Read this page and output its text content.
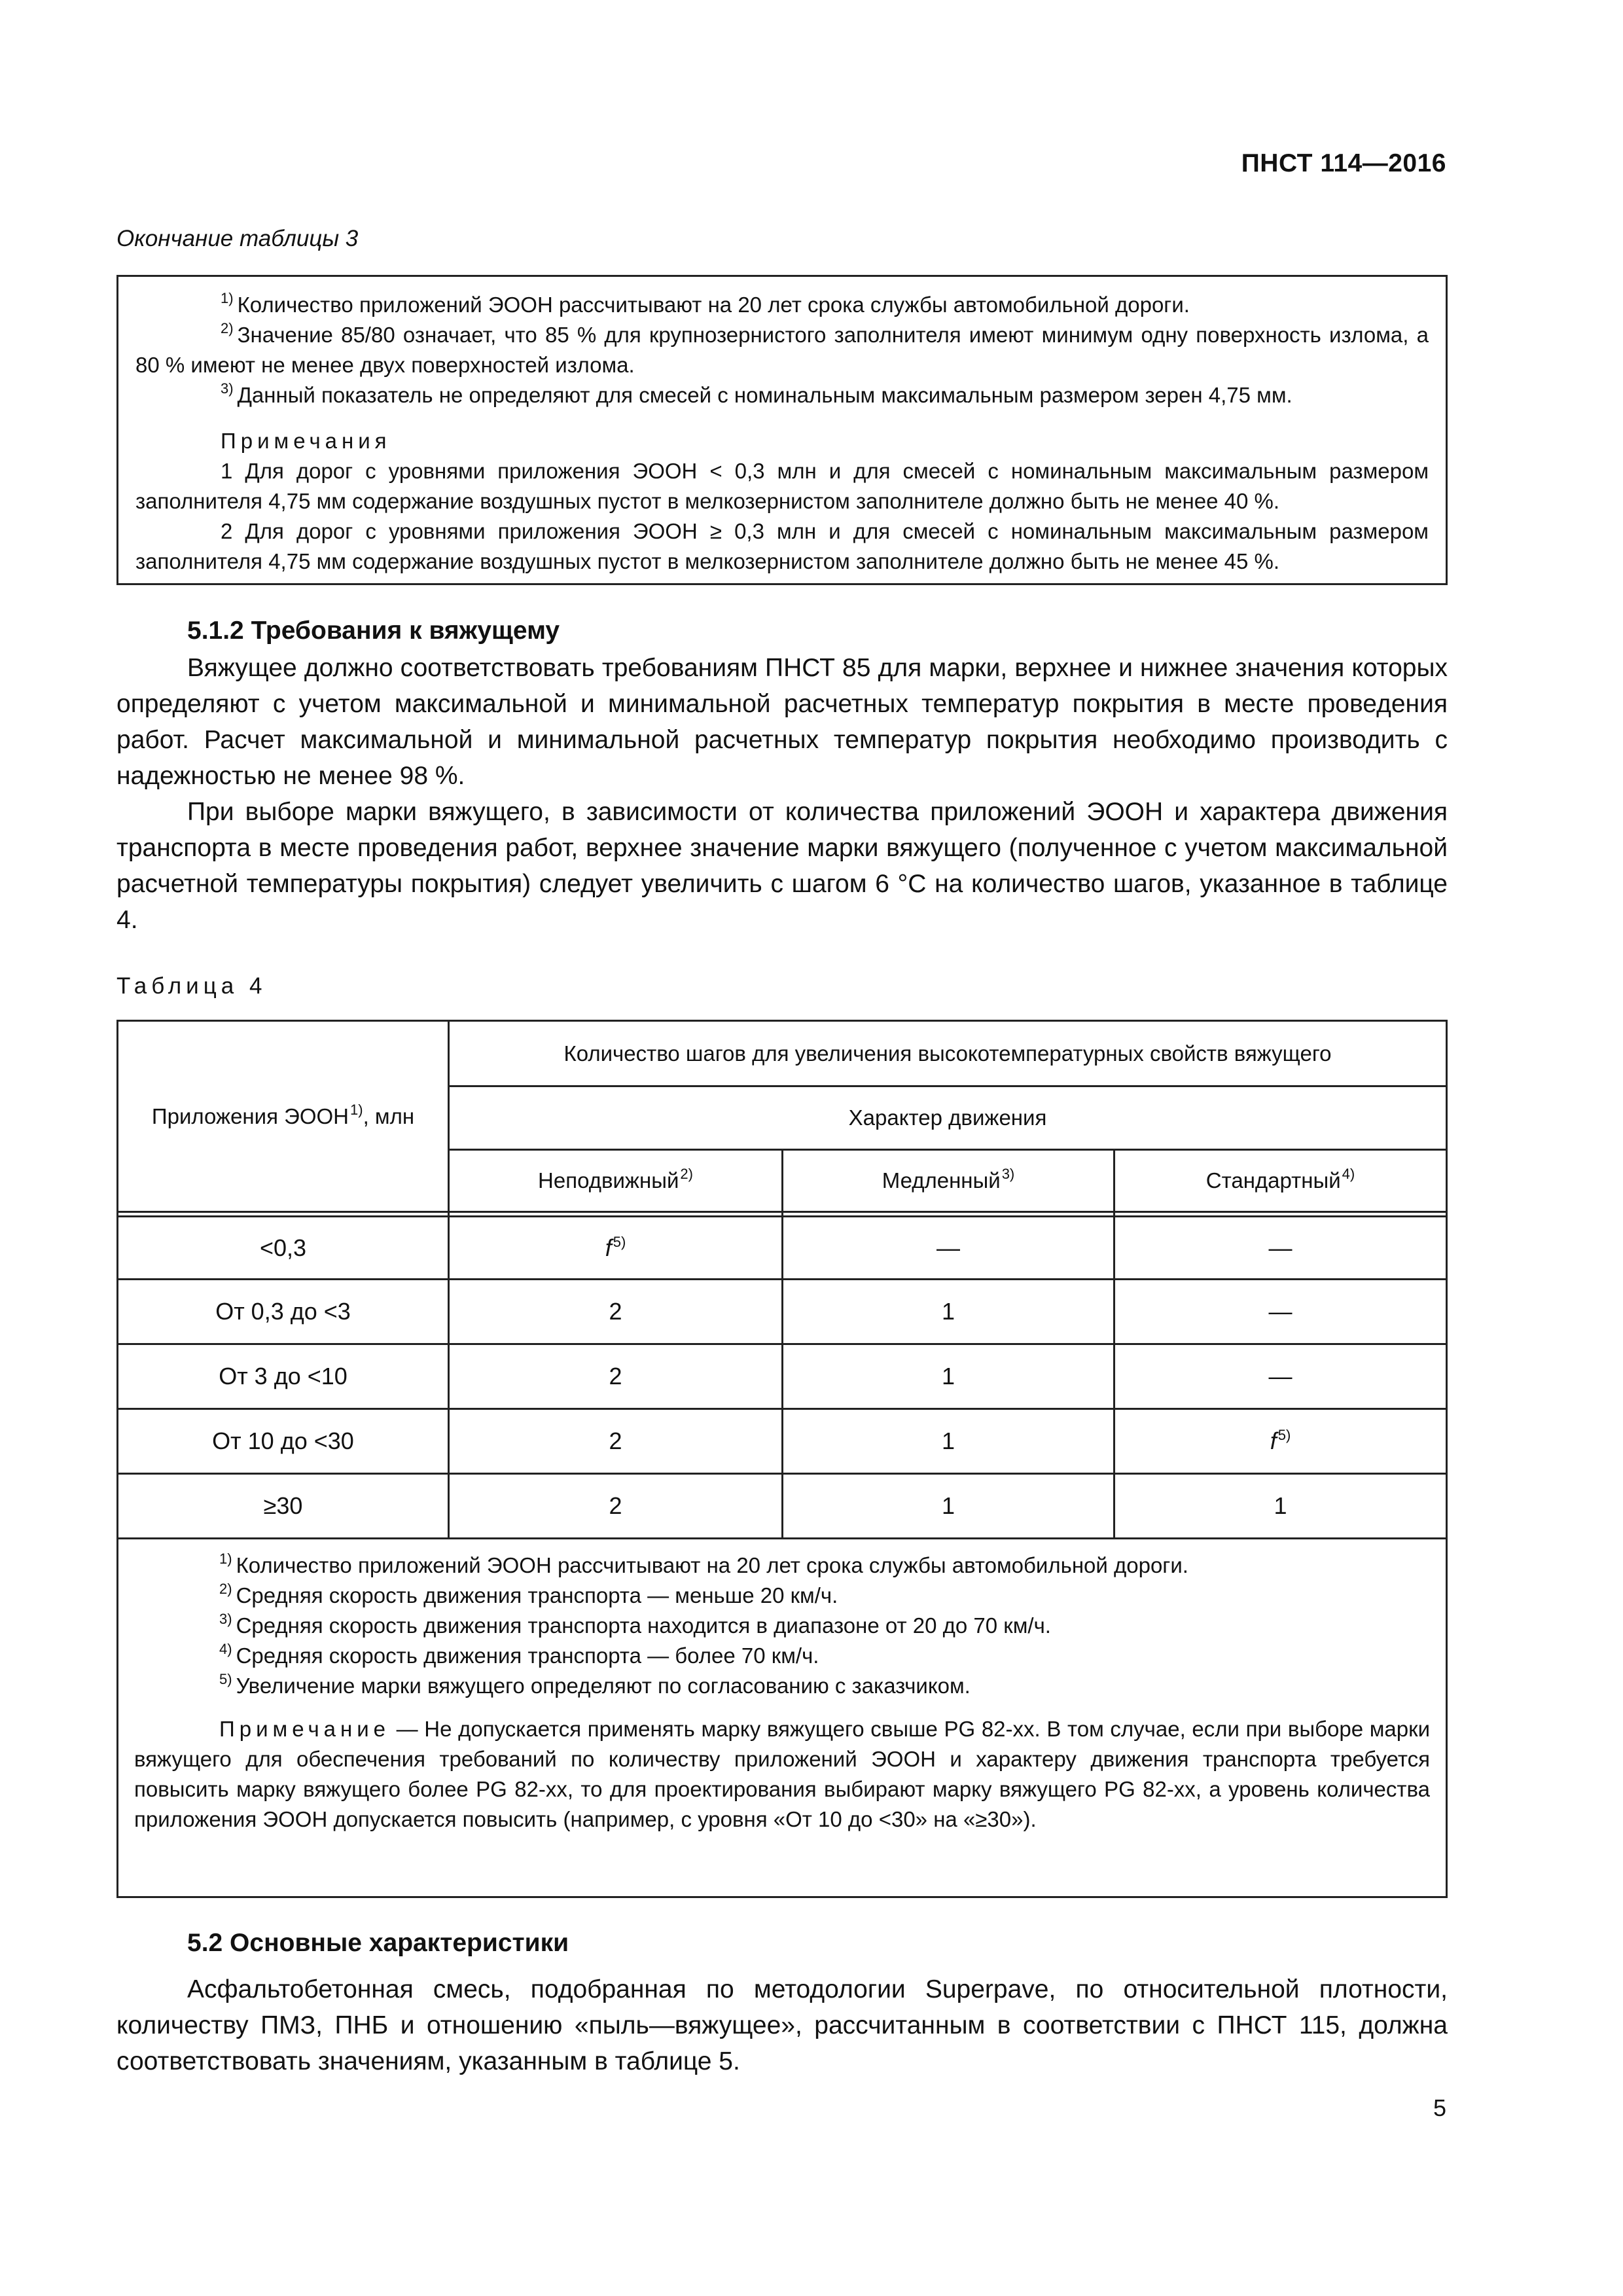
ПНСТ 114—2016
Окончание таблицы 3

$^{1)}$ Количество приложений ЭООН рассчитывают на 20 лет срока службы автомобильной дороги.

$^{2)}$ Значение 85/80 означает, что 85 % для крупнозернистого заполнителя имеют минимум одну поверхность излома, а 80 % имеют не менее двух поверхностей излома.

$^{3)}$ Данный показатель не определяют для смесей с номинальным максимальным размером зерен 4,75 мм.

Примечания

1 Для дорог с уровнями приложения ЭООН < 0,3 млн и для смесей с номинальным максимальным размером заполнителя 4,75 мм содержание воздушных пустот в мелкозернистом заполнителе должно быть не менее 40 %.

2 Для дорог с уровнями приложения ЭООН ≥ 0,3 млн и для смесей с номинальным максимальным размером заполнителя 4,75 мм содержание воздушных пустот в мелкозернистом заполнителе должно быть не менее 45 %.

5.1.2 Требования к вяжущему

Вяжущее должно соответствовать требованиям ПНСТ 85 для марки, верхнее и нижнее значения которых определяют с учетом максимальной и минимальной расчетных температур покрытия в месте проведения работ. Расчет максимальной и минимальной расчетных температур покрытия необходимо производить с надежностью не менее 98 %.

При выборе марки вяжущего, в зависимости от количества приложений ЭООН и характера движения транспорта в месте проведения работ, верхнее значение марки вяжущего (полученное с учетом максимальной расчетной температуры покрытия) следует увеличить с шагом 6 °С на количество шагов, указанное в таблице 4.

Таблица 4
Приложения ЭООН$^{1)}$, млн
Количество шагов для увеличения высокотемпературных свойств вяжущего
Характер движения
Неподвижный$^{2)}$	Медленный$^{3)}$	Стандартный$^{4)}$
<0,3	$f^{5)}$	—	—
От 0,3 до <3	2	1	—
От 3 до <10	2	1	—
От 10 до <30	2	1	$f^{5)}$
≥30	2	1	1

$^{1)}$ Количество приложений ЭООН рассчитывают на 20 лет срока службы автомобильной дороги.

$^{2)}$ Средняя скорость движения транспорта — меньше 20 км/ч.

$^{3)}$ Средняя скорость движения транспорта находится в диапазоне от 20 до 70 км/ч.

$^{4)}$ Средняя скорость движения транспорта — более 70 км/ч.

$^{5)}$ Увеличение марки вяжущего определяют по согласованию с заказчиком.

Примечание — Не допускается применять марку вяжущего свыше PG 82-хх. В том случае, если при выборе марки вяжущего для обеспечения требований по количеству приложений ЭООН и характеру движения транспорта требуется повысить марку вяжущего более PG 82-хх, то для проектирования выбирают марку вяжущего PG 82-хх, а уровень количества приложения ЭООН допускается повысить (например, с уровня «От 10 до <30» на «≥30»).

5.2 Основные характеристики

Асфальтобетонная смесь, подобранная по методологии Superpave, по относительной плотности, количеству ПМЗ, ПНБ и отношению «пыль—вяжущее», рассчитанным в соответствии с ПНСТ 115, должна соответствовать значениям, указанным в таблице 5.

5
